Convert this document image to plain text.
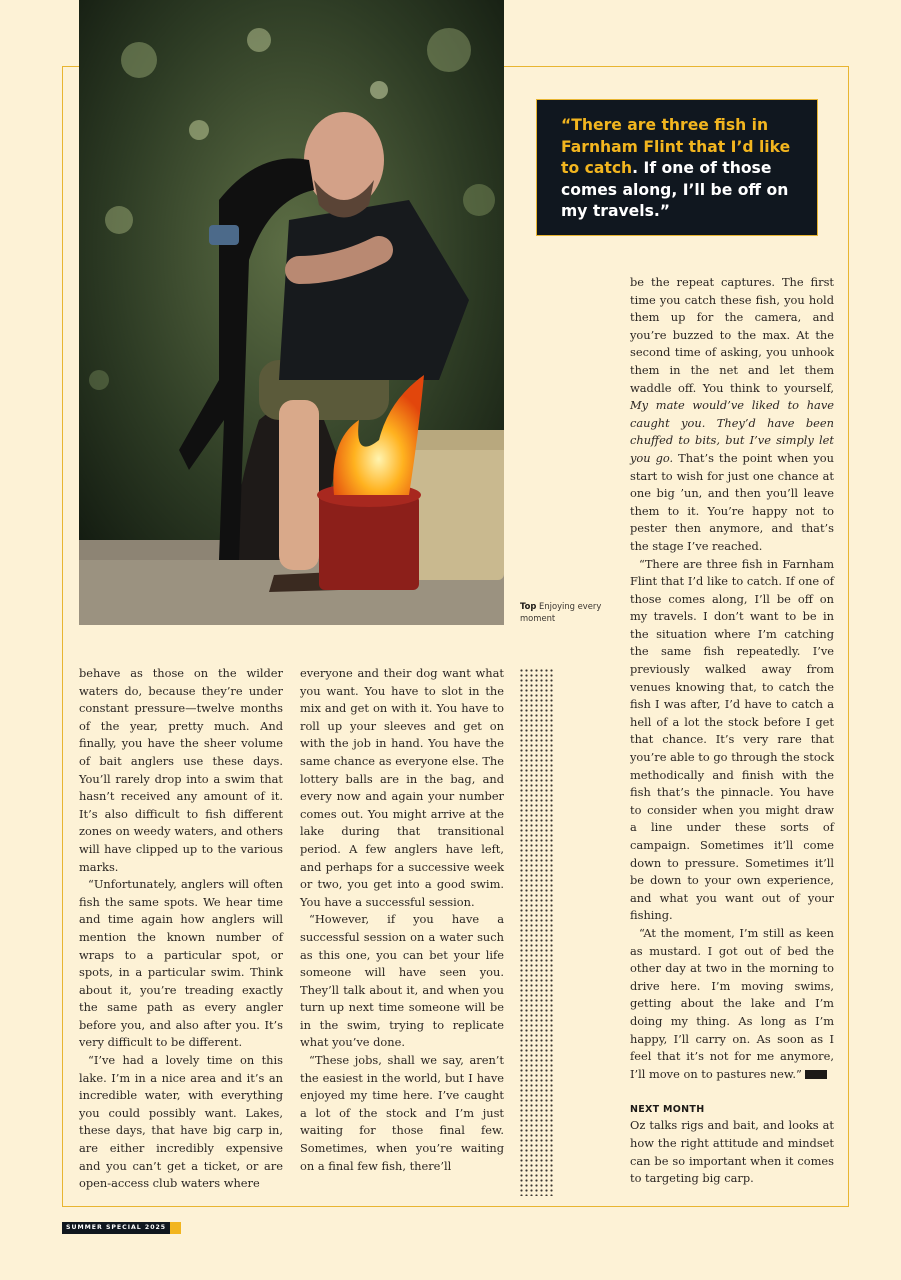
“There are three fish in Farnham Flint that I’d like to catch. If one of those comes along, I’ll be off on my travels.”
Top Enjoying every moment

behave as those on the wilder waters do, because they’re under constant pressure—twelve months of the year, pretty much. And finally, you have the sheer volume of bait anglers use these days. You’ll rarely drop into a swim that hasn’t received any amount of it. It’s also difficult to fish different zones on weedy waters, and others will have clipped up to the various marks.

“Unfortunately, anglers will often fish the same spots. We hear time and time again how anglers will mention the known number of wraps to a particular spot, or spots, in a particular swim. Think about it, you’re treading exactly the same path as every angler before you, and also after you. It’s very difficult to be different.

“I’ve had a lovely time on this lake. I’m in a nice area and it’s an incredible water, with everything you could possibly want. Lakes, these days, that have big carp in, are either incredibly expensive and you can’t get a ticket, or are open-access club waters where

everyone and their dog want what you want. You have to slot in the mix and get on with it. You have to roll up your sleeves and get on with the job in hand. You have the same chance as everyone else. The lottery balls are in the bag, and every now and again your number comes out. You might arrive at the lake during that transitional period. A few anglers have left, and perhaps for a successive week or two, you get into a good swim. You have a successful session.

“However, if you have a successful session on a water such as this one, you can bet your life someone will have seen you. They’ll talk about it, and when you turn up next time someone will be in the swim, trying to replicate what you’ve done.

“These jobs, shall we say, aren’t the easiest in the world, but I have enjoyed my time here. I’ve caught a lot of the stock and I’m just waiting for those final few. Sometimes, when you’re waiting on a final few fish, there’ll

be the repeat captures. The first time you catch these fish, you hold them up for the camera, and you’re buzzed to the max. At the second time of asking, you unhook them in the net and let them waddle off. You think to yourself, My mate would’ve liked to have caught you. They’d have been chuffed to bits, but I’ve simply let you go. That’s the point when you start to wish for just one chance at one big ’un, and then you’ll leave them to it. You’re happy not to pester then anymore, and that’s the stage I’ve reached.

“There are three fish in Farnham Flint that I’d like to catch. If one of those comes along, I’ll be off on my travels. I don’t want to be in the situation where I’m catching the same fish repeatedly. I’ve previously walked away from venues knowing that, to catch the fish I was after, I’d have to catch a hell of a lot the stock before I get that chance. It’s very rare that you’re able to go through the stock methodically and finish with the fish that’s the pinnacle. You have to consider when you might draw a line under these sorts of campaign. Sometimes it’ll come down to pressure. Sometimes it’ll be down to your own experience, and what you want out of your fishing.

“At the moment, I’m still as keen as mustard. I got out of bed the other day at two in the morning to drive here. I’m moving swims, getting about the lake and I’m doing my thing. As long as I’m happy, I’ll carry on. As soon as I feel that it’s not for me anymore, I’ll move on to pastures new.”

NEXT MONTH

Oz talks rigs and bait, and looks at how the right attitude and mindset can be so important when it comes to targeting big carp.

SUMMER SPECIAL 2025
